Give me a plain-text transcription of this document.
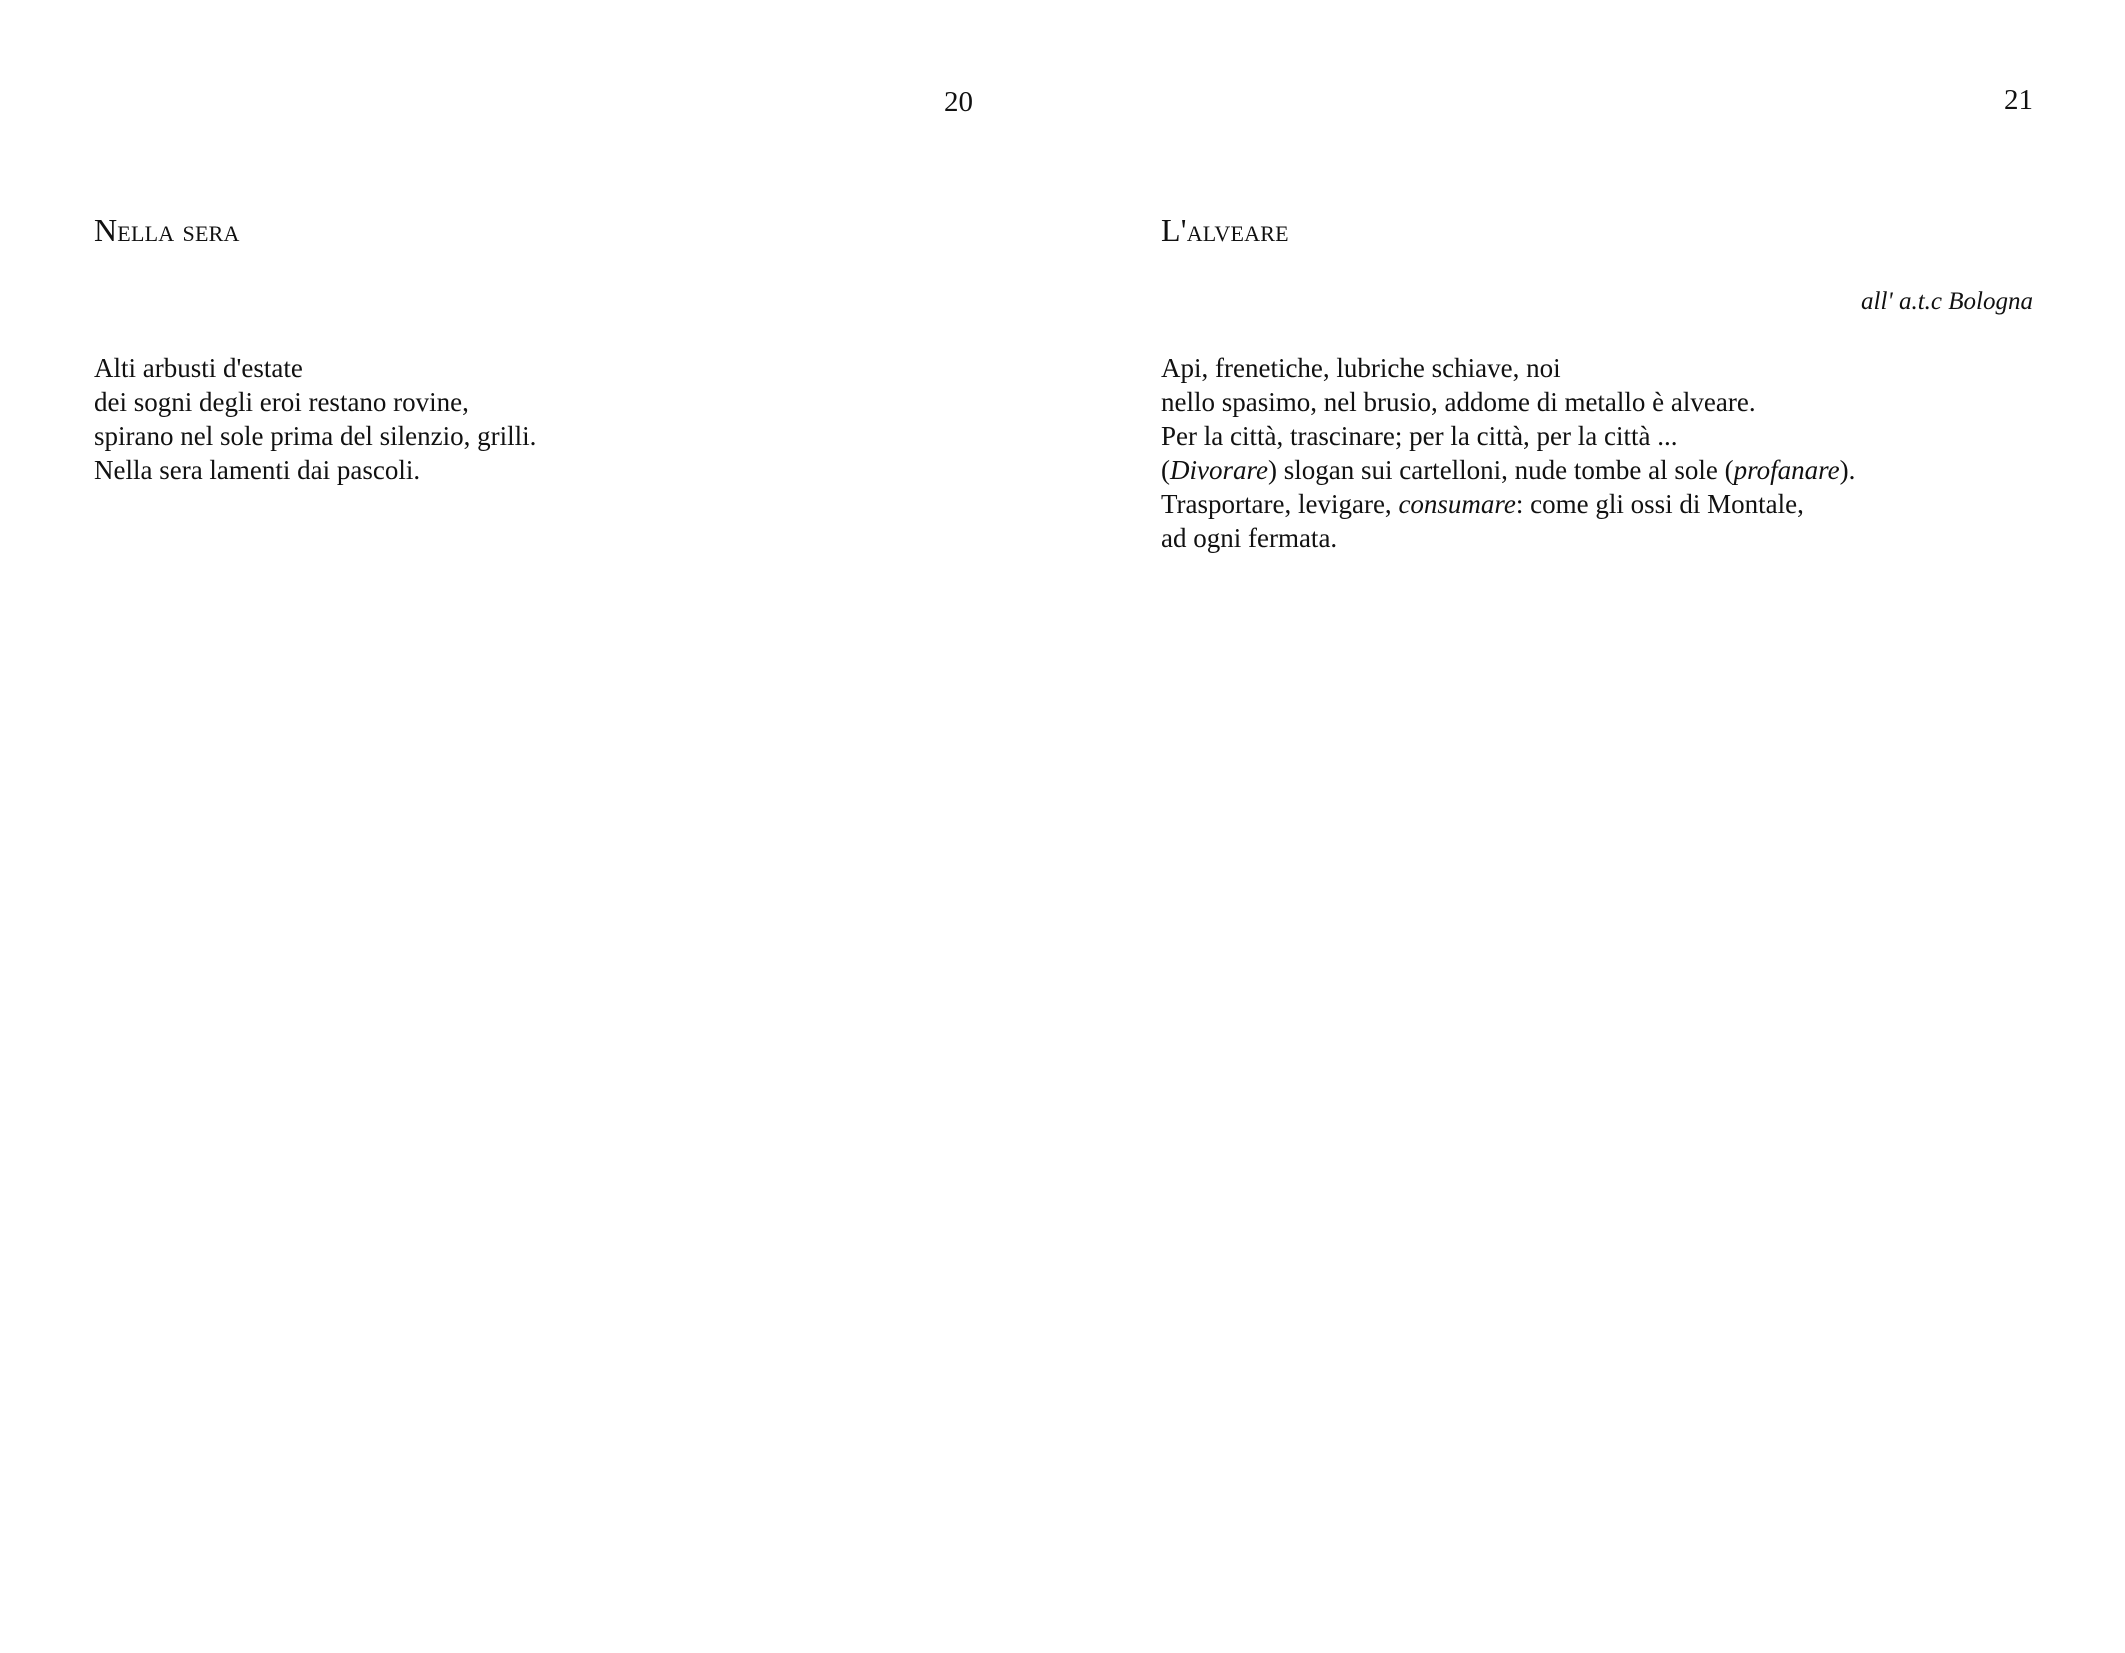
20

Nella sera
Alti arbusti d'estate
dei sogni degli eroi restano rovine,
spirano nel sole prima del silenzio, grilli.
Nella sera lamenti dai pascoli.

21

L'alveare

all' a.t.c Bologna

Api, frenetiche, lubriche schiave, noi
nello spasimo, nel brusio, addome di metallo è alveare.
Per la città, trascinare; per la città, per la città ...
(Divorare) slogan sui cartelloni, nude tombe al sole (profanare).
Trasportare, levigare, consumare: come gli ossi di Montale,
ad ogni fermata.
